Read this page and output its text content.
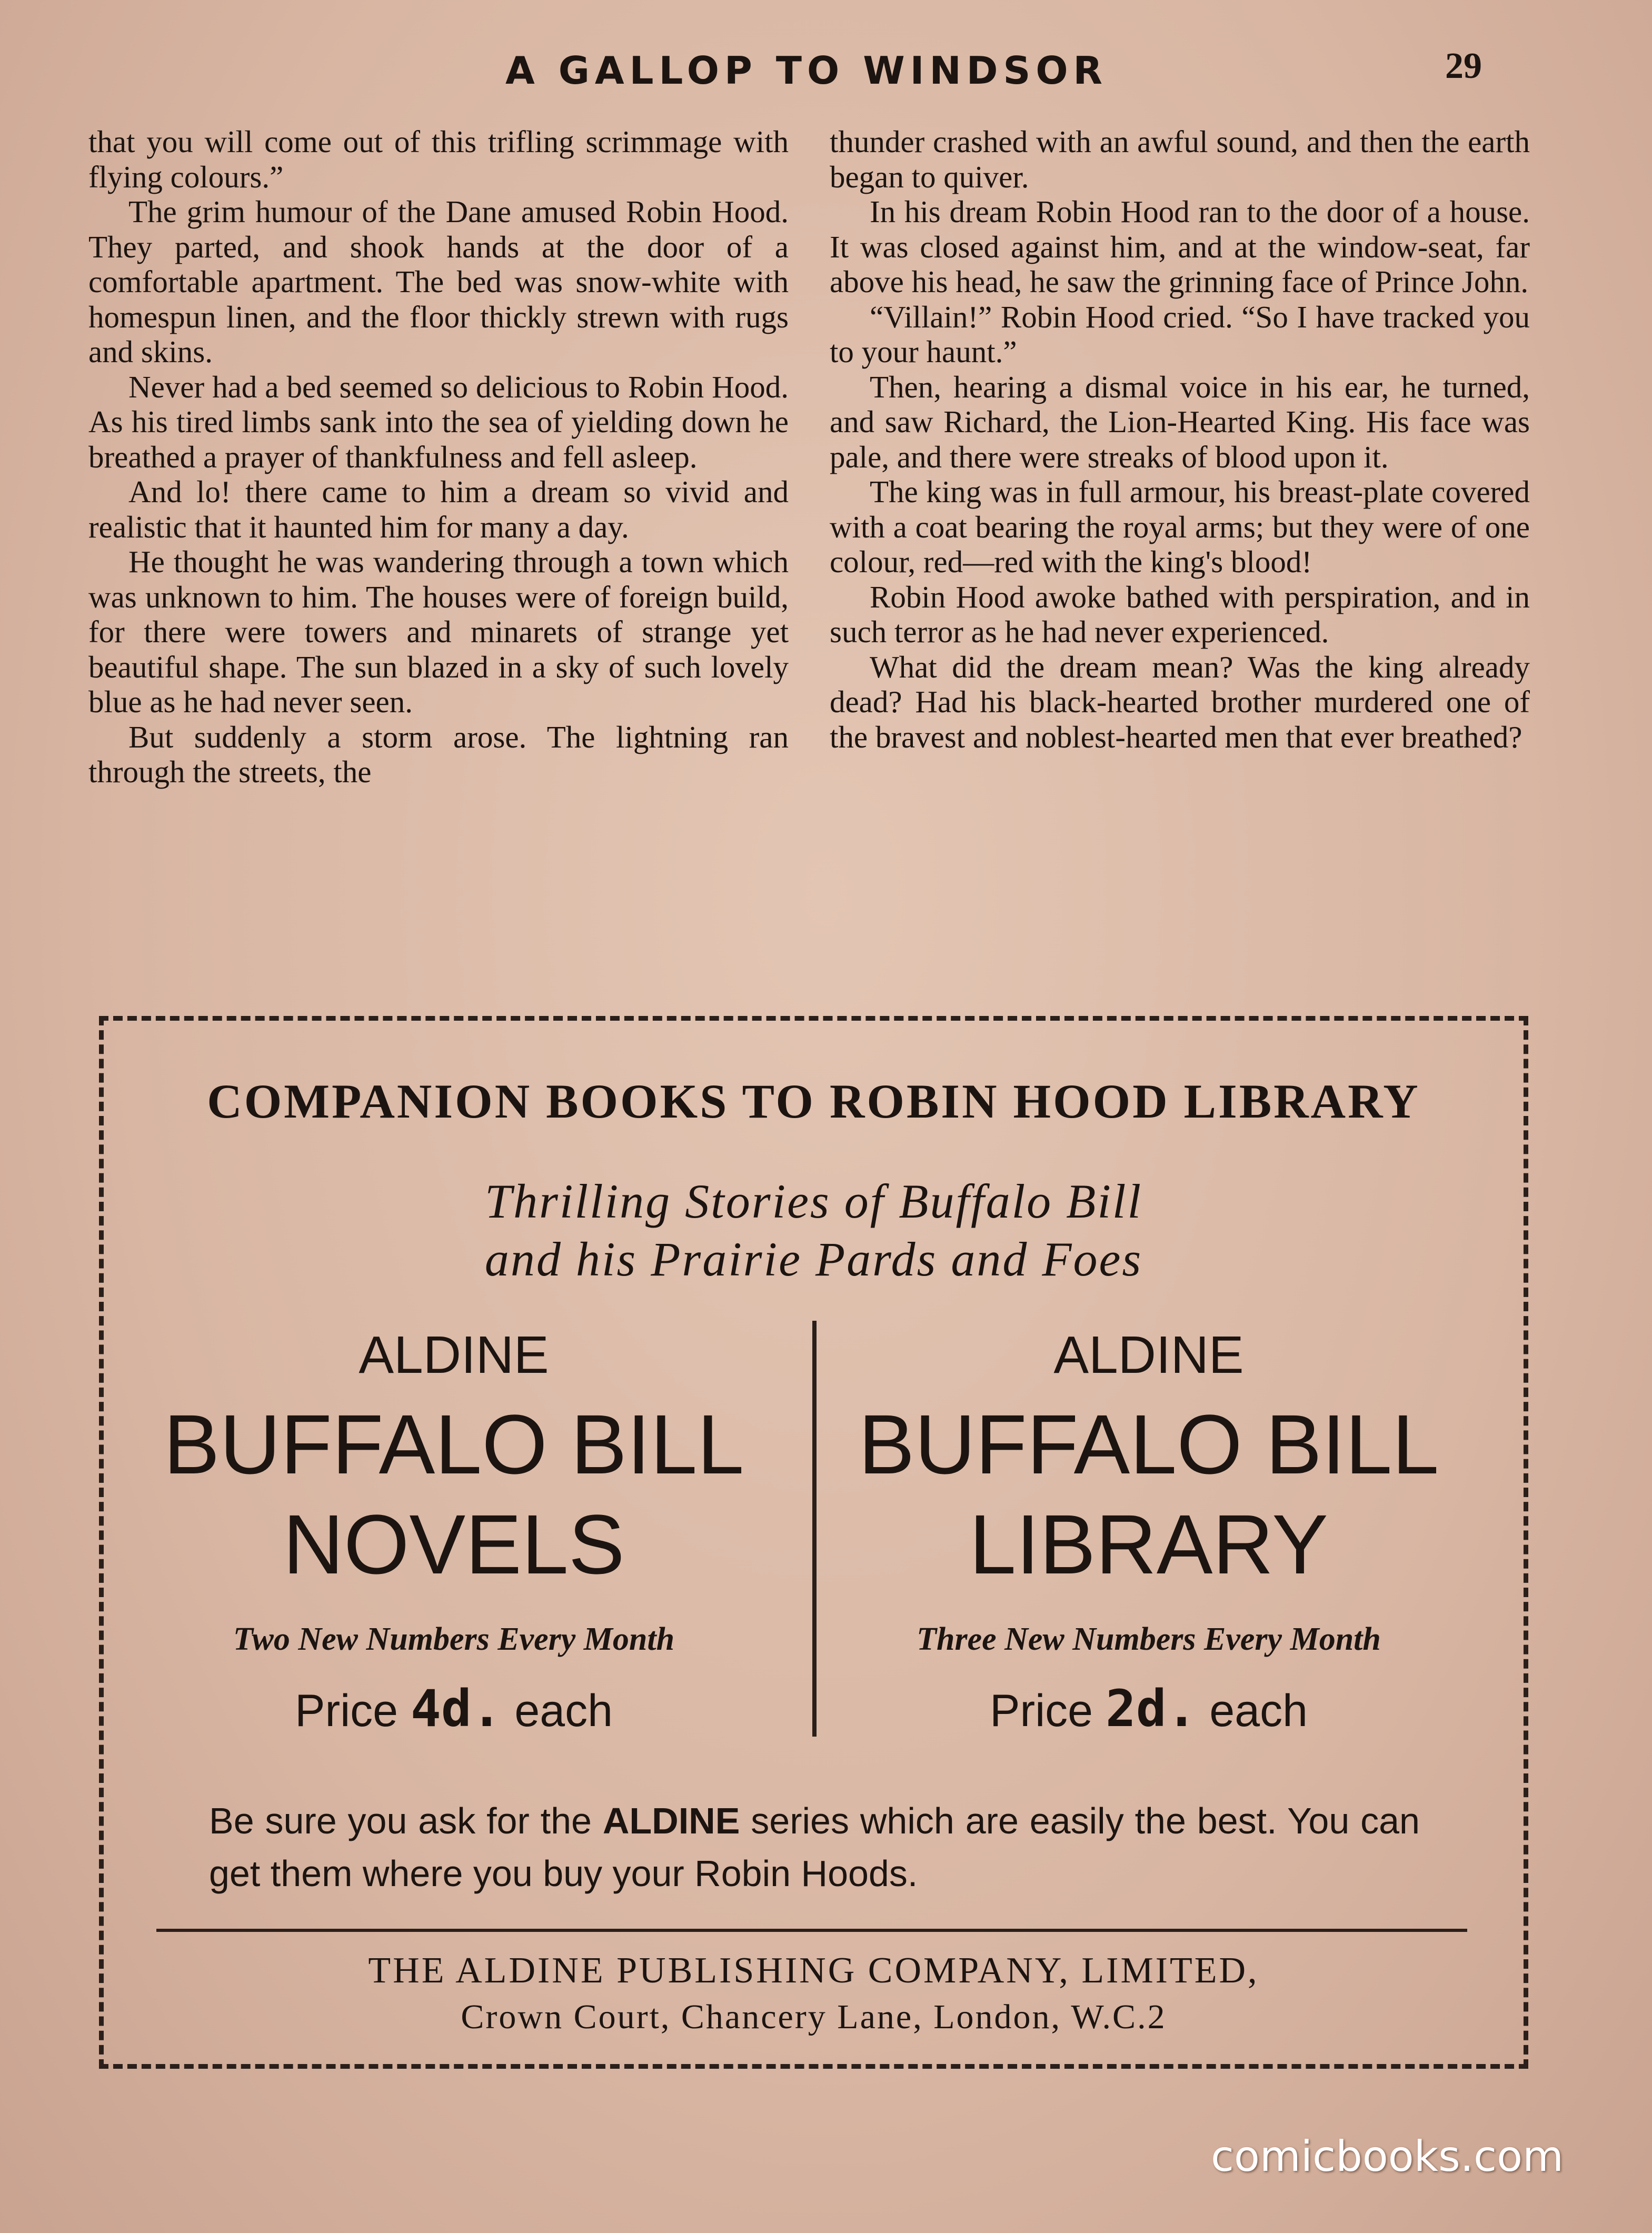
A GALLOP TO WINDSOR	29

that you will come out of this trifling scrimmage with flying colours.”

The grim humour of the Dane amused Robin Hood. They parted, and shook hands at the door of a comfortable apartment. The bed was snow-white with homespun linen, and the floor thickly strewn with rugs and skins.

Never had a bed seemed so delicious to Robin Hood. As his tired limbs sank into the sea of yielding down he breathed a prayer of thankfulness and fell asleep.

And lo! there came to him a dream so vivid and realistic that it haunted him for many a day.

He thought he was wandering through a town which was unknown to him. The houses were of foreign build, for there were towers and minarets of strange yet beautiful shape. The sun blazed in a sky of such lovely blue as he had never seen.

But suddenly a storm arose. The lightning ran through the streets, the

thunder crashed with an awful sound, and then the earth began to quiver.

In his dream Robin Hood ran to the door of a house. It was closed against him, and at the window-seat, far above his head, he saw the grinning face of Prince John.

“Villain!” Robin Hood cried. “So I have tracked you to your haunt.”

Then, hearing a dismal voice in his ear, he turned, and saw Richard, the Lion-Hearted King. His face was pale, and there were streaks of blood upon it.

The king was in full armour, his breast-plate covered with a coat bearing the royal arms; but they were of one colour, red—red with the king's blood!

Robin Hood awoke bathed with perspiration, and in such terror as he had never experienced.

What did the dream mean? Was the king already dead? Had his black-hearted brother murdered one of the bravest and noblest-hearted men that ever breathed?

COMPANION BOOKS TO ROBIN HOOD LIBRARY
Thrilling Stories of Buffalo Bill
and his Prairie Pards and Foes
ALDINE
BUFFALO BILL
NOVELS
Two New Numbers Every Month
Price 4d. each
ALDINE
BUFFALO BILL
LIBRARY
Three New Numbers Every Month
Price 2d. each
Be sure you ask for the ALDINE series which are easily the best. You can get them where you buy your Robin Hoods.
THE ALDINE PUBLISHING COMPANY, LIMITED,
Crown Court, Chancery Lane, London, W.C.2
comicbooks.com
